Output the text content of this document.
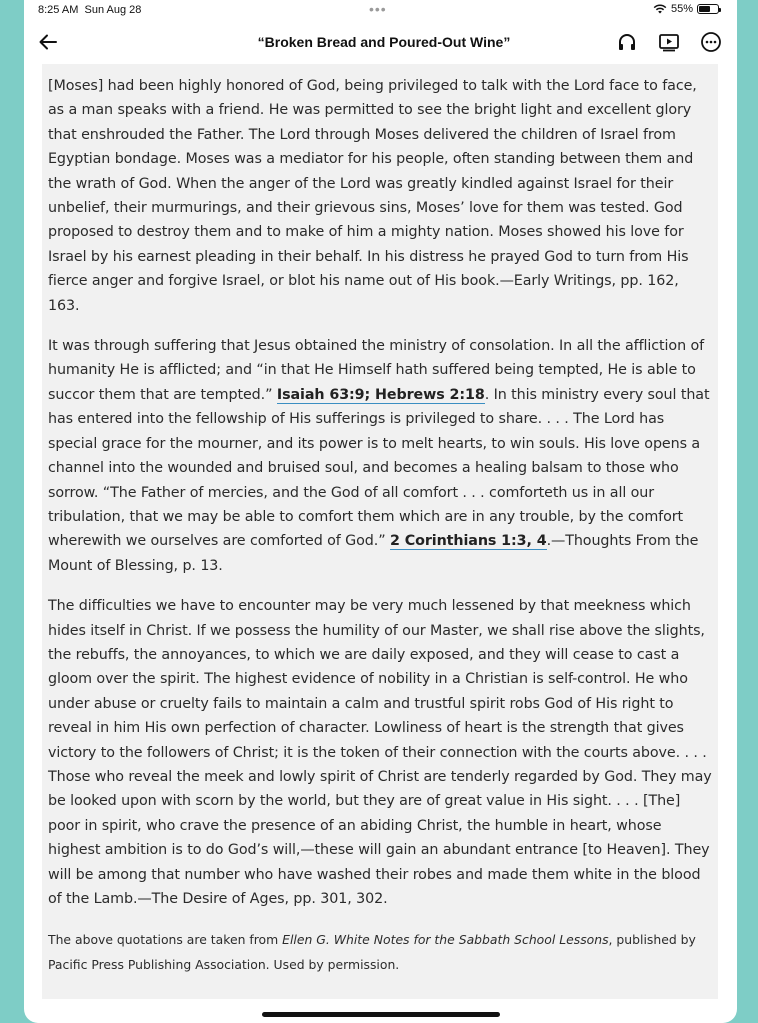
8:25 AM Sun Aug 28	•••	55%
“Broken Bread and Poured-Out Wine”

[Moses] had been highly honored of God, being privileged to talk with the Lord face to face, as a man speaks with a friend. He was permitted to see the bright light and excellent glory that enshrouded the Father. The Lord through Moses delivered the children of Israel from Egyptian bondage. Moses was a mediator for his people, often standing between them and the wrath of God. When the anger of the Lord was greatly kindled against Israel for their unbelief, their murmurings, and their grievous sins, Moses’ love for them was tested. God proposed to destroy them and to make of him a mighty nation. Moses showed his love for Israel by his earnest pleading in their behalf. In his distress he prayed God to turn from His fierce anger and forgive Israel, or blot his name out of His book.—Early Writings, pp. 162, 163.

It was through suffering that Jesus obtained the ministry of consolation. In all the affliction of humanity He is afflicted; and “in that He Himself hath suffered being tempted, He is able to succor them that are tempted.” Isaiah 63:9; Hebrews 2:18. In this ministry every soul that has entered into the fellowship of His sufferings is privileged to share. . . . The Lord has special grace for the mourner, and its power is to melt hearts, to win souls. His love opens a channel into the wounded and bruised soul, and becomes a healing balsam to those who sorrow. “The Father of mercies, and the God of all comfort . . . comforteth us in all our tribulation, that we may be able to comfort them which are in any trouble, by the comfort wherewith we ourselves are comforted of God.” 2 Corinthians 1:3, 4.—Thoughts From the Mount of Blessing, p. 13.

The difficulties we have to encounter may be very much lessened by that meekness which hides itself in Christ. If we possess the humility of our Master, we shall rise above the slights, the rebuffs, the annoyances, to which we are daily exposed, and they will cease to cast a gloom over the spirit. The highest evidence of nobility in a Christian is self-control. He who under abuse or cruelty fails to maintain a calm and trustful spirit robs God of His right to reveal in him His own perfection of character. Lowliness of heart is the strength that gives victory to the followers of Christ; it is the token of their connection with the courts above. . . . Those who reveal the meek and lowly spirit of Christ are tenderly regarded by God. They may be looked upon with scorn by the world, but they are of great value in His sight. . . . [The] poor in spirit, who crave the presence of an abiding Christ, the humble in heart, whose highest ambition is to do God’s will,—these will gain an abundant entrance [to Heaven]. They will be among that number who have washed their robes and made them white in the blood of the Lamb.—The Desire of Ages, pp. 301, 302.

The above quotations are taken from Ellen G. White Notes for the Sabbath School Lessons, published by Pacific Press Publishing Association. Used by permission.
